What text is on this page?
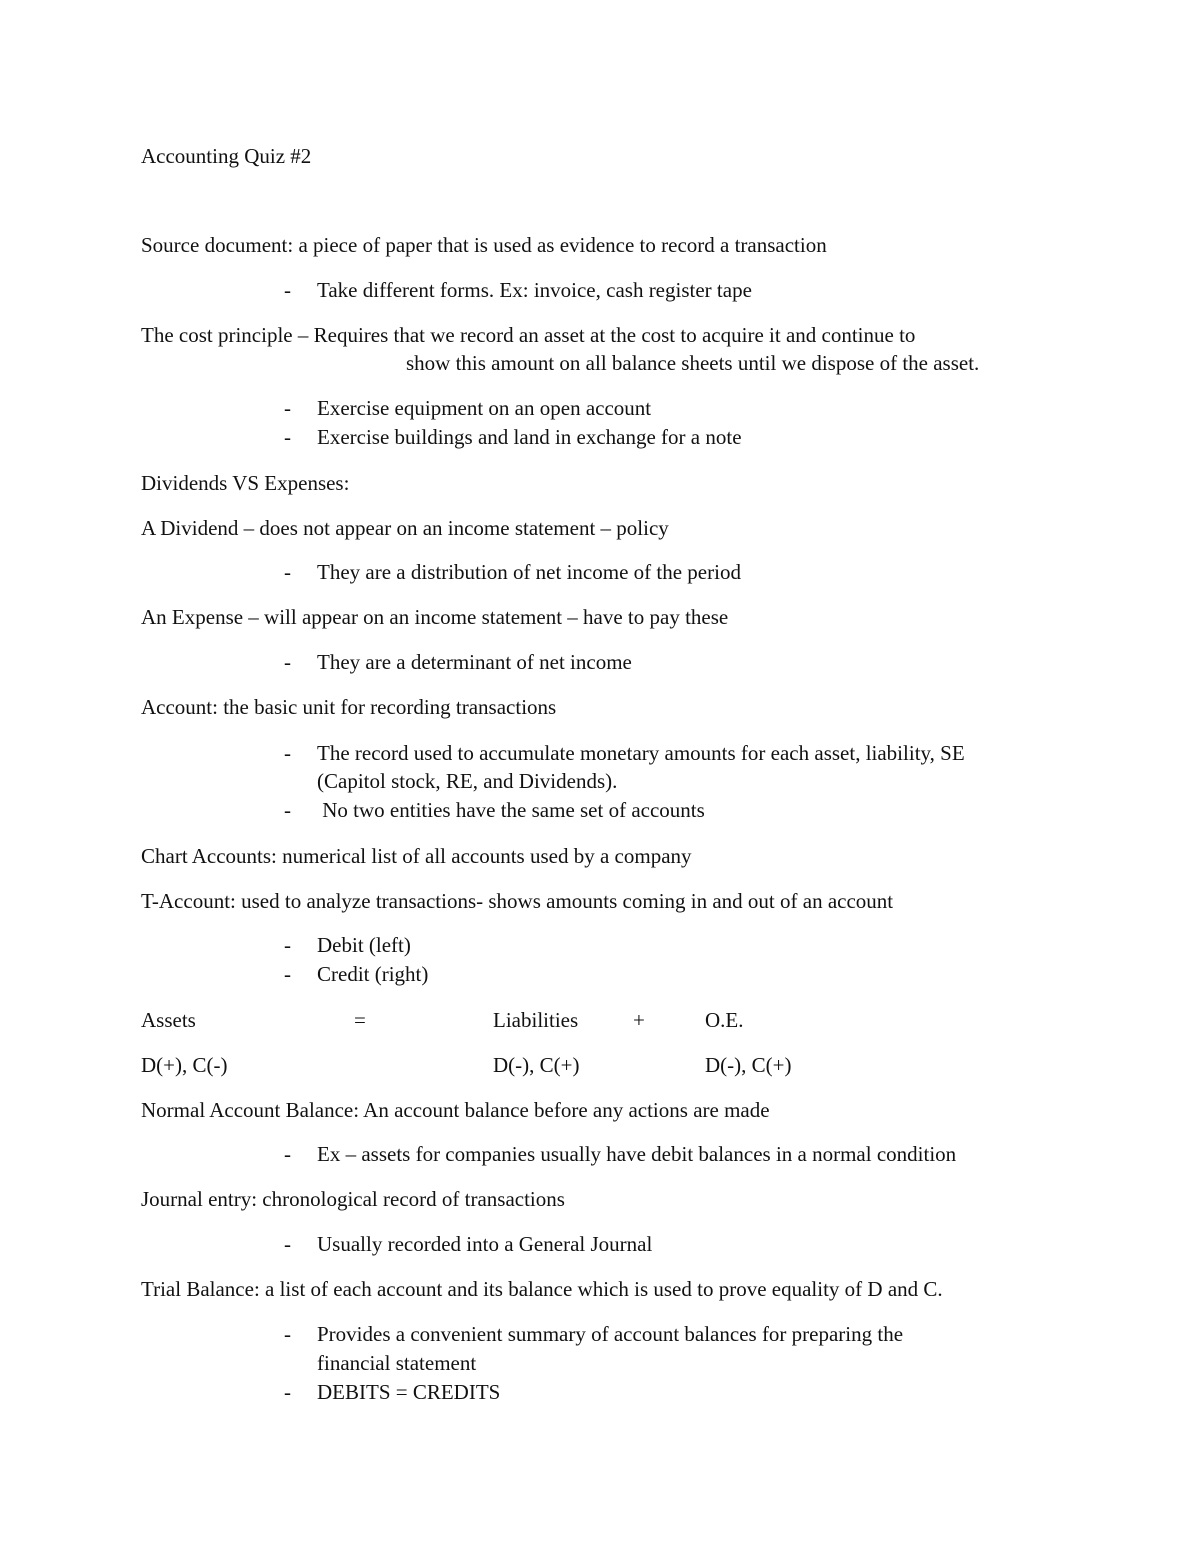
Accounting Quiz #2
Source document: a piece of paper that is used as evidence to record a transaction
- Take different forms. Ex: invoice, cash register tape
The cost principle – Requires that we record an asset at the cost to acquire it and continue to
show this amount on all balance sheets until we dispose of the asset.
- Exercise equipment on an open account
- Exercise buildings and land in exchange for a note
Dividends VS Expenses:
A Dividend – does not appear on an income statement – policy
- They are a distribution of net income of the period
An Expense – will appear on an income statement – have to pay these
- They are a determinant of net income
Account: the basic unit for recording transactions
- The record used to accumulate monetary amounts for each asset, liability, SE
(Capitol stock, RE, and Dividends).
- No two entities have the same set of accounts
Chart Accounts: numerical list of all accounts used by a company
T-Account: used to analyze transactions- shows amounts coming in and out of an account
- Debit (left)
- Credit (right)
Assets	=	Liabilities	+	O.E.
D(+), C(-)	D(-), C(+)	D(-), C(+)
Normal Account Balance: An account balance before any actions are made
- Ex – assets for companies usually have debit balances in a normal condition
Journal entry: chronological record of transactions
- Usually recorded into a General Journal
Trial Balance: a list of each account and its balance which is used to prove equality of D and C.
- Provides a convenient summary of account balances for preparing the
financial statement
- DEBITS = CREDITS
